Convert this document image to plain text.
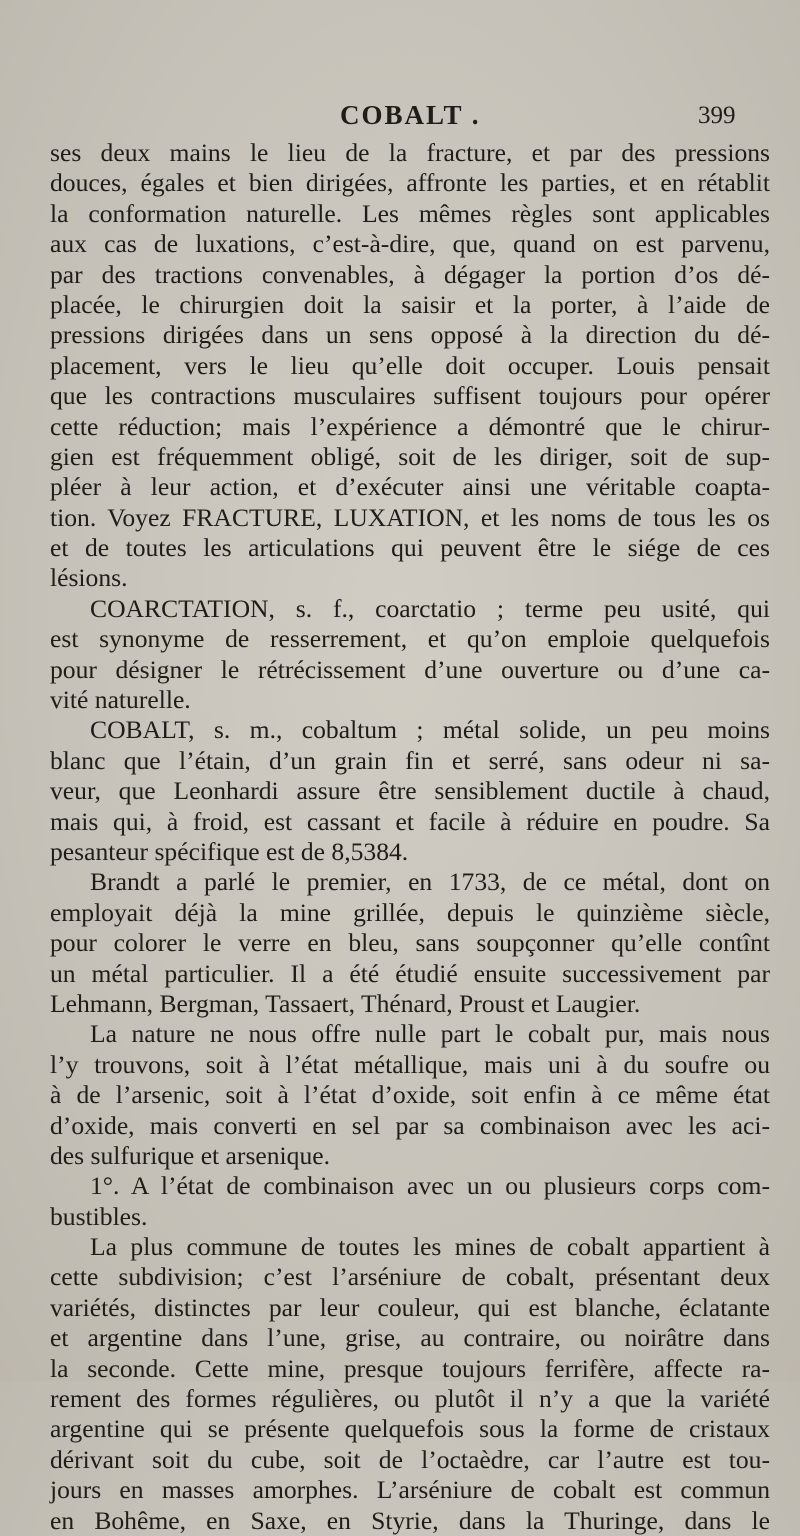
COBALT .	399
ses deux mains le lieu de la fracture, et par des pressions
douces, égales et bien dirigées, affronte les parties, et en rétablit
la conformation naturelle. Les mêmes règles sont applicables
aux cas de luxations, c’est-à-dire, que, quand on est parvenu,
par des tractions convenables, à dégager la portion d’os dé-
placée, le chirurgien doit la saisir et la porter, à l’aide de
pressions dirigées dans un sens opposé à la direction du dé-
placement, vers le lieu qu’elle doit occuper. Louis pensait
que les contractions musculaires suffisent toujours pour opérer
cette réduction; mais l’expérience a démontré que le chirur-
gien est fréquemment obligé, soit de les diriger, soit de sup-
pléer à leur action, et d’exécuter ainsi une véritable coapta-
tion. Voyez FRACTURE, LUXATION, et les noms de tous les os
et de toutes les articulations qui peuvent être le siége de ces
lésions.
COARCTATION, s. f., coarctatio ; terme peu usité, qui
est synonyme de resserrement, et qu’on emploie quelquefois
pour désigner le rétrécissement d’une ouverture ou d’une ca-
vité naturelle.
COBALT, s. m., cobaltum ; métal solide, un peu moins
blanc que l’étain, d’un grain fin et serré, sans odeur ni sa-
veur, que Leonhardi assure être sensiblement ductile à chaud,
mais qui, à froid, est cassant et facile à réduire en poudre. Sa
pesanteur spécifique est de 8,5384.
Brandt a parlé le premier, en 1733, de ce métal, dont on
employait déjà la mine grillée, depuis le quinzième siècle,
pour colorer le verre en bleu, sans soupçonner qu’elle contînt
un métal particulier. Il a été étudié ensuite successivement par
Lehmann, Bergman, Tassaert, Thénard, Proust et Laugier.
La nature ne nous offre nulle part le cobalt pur, mais nous
l’y trouvons, soit à l’état métallique, mais uni à du soufre ou
à de l’arsenic, soit à l’état d’oxide, soit enfin à ce même état
d’oxide, mais converti en sel par sa combinaison avec les aci-
des sulfurique et arsenique.
1°. A l’état de combinaison avec un ou plusieurs corps com-
bustibles.
La plus commune de toutes les mines de cobalt appartient à
cette subdivision; c’est l’arséniure de cobalt, présentant deux
variétés, distinctes par leur couleur, qui est blanche, éclatante
et argentine dans l’une, grise, au contraire, ou noirâtre dans
la seconde. Cette mine, presque toujours ferrifère, affecte ra-
rement des formes régulières, ou plutôt il n’y a que la variété
argentine qui se présente quelquefois sous la forme de cristaux
dérivant soit du cube, soit de l’octaèdre, car l’autre est tou-
jours en masses amorphes. L’arséniure de cobalt est commun
en Bohême, en Saxe, en Styrie, dans la Thuringe, dans le
